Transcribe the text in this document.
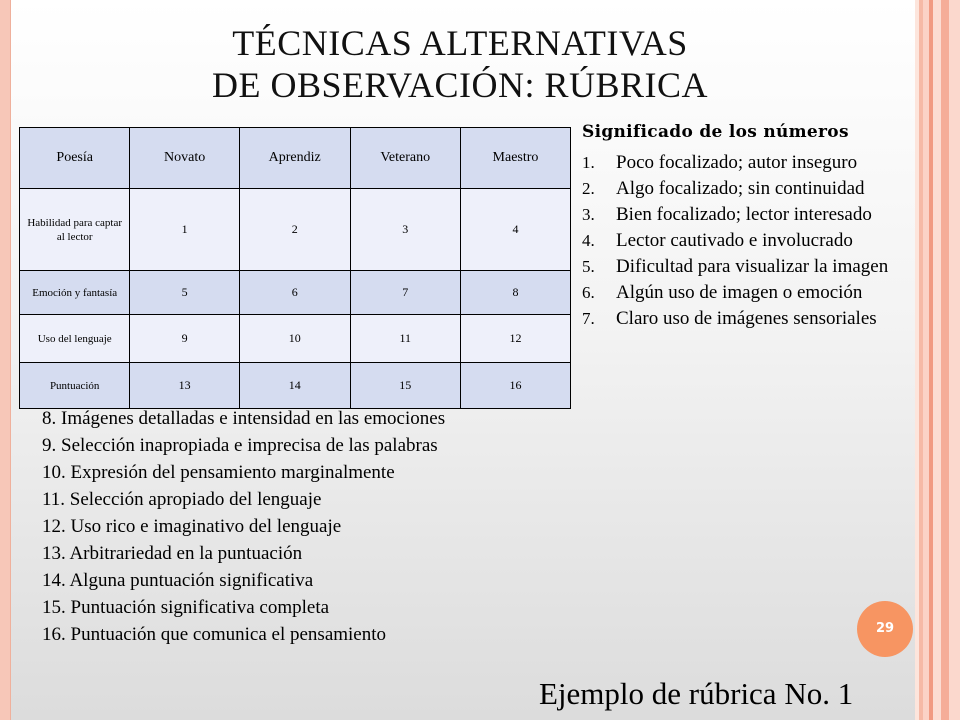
TÉCNICAS ALTERNATIVAS
DE OBSERVACIÓN: RÚBRICA
Poesía	Novato	Aprendiz	Veterano	Maestro
Habilidad para captar al lector	1	2	3	4
Emoción y fantasía	5	6	7	8
Uso del lenguaje	9	10	11	12
Puntuación	13	14	15	16
Significado de los números
1.	Poco focalizado; autor inseguro
2.	Algo focalizado; sin continuidad
3.	Bien focalizado; lector interesado
4.	Lector cautivado e involucrado
5.	Dificultad para visualizar la imagen
6.	Algún uso de imagen o emoción
7.	Claro uso de imágenes sensoriales

8. Imágenes detalladas e intensidad en las emociones

9. Selección inapropiada e imprecisa de las palabras

10. Expresión del pensamiento marginalmente

11. Selección apropiado del lenguaje

12. Uso rico e imaginativo del lenguaje

13. Arbitrariedad en la puntuación

14. Alguna puntuación significativa

15. Puntuación significativa completa

16. Puntuación que comunica el pensamiento	29
Ejemplo de rúbrica No. 1
